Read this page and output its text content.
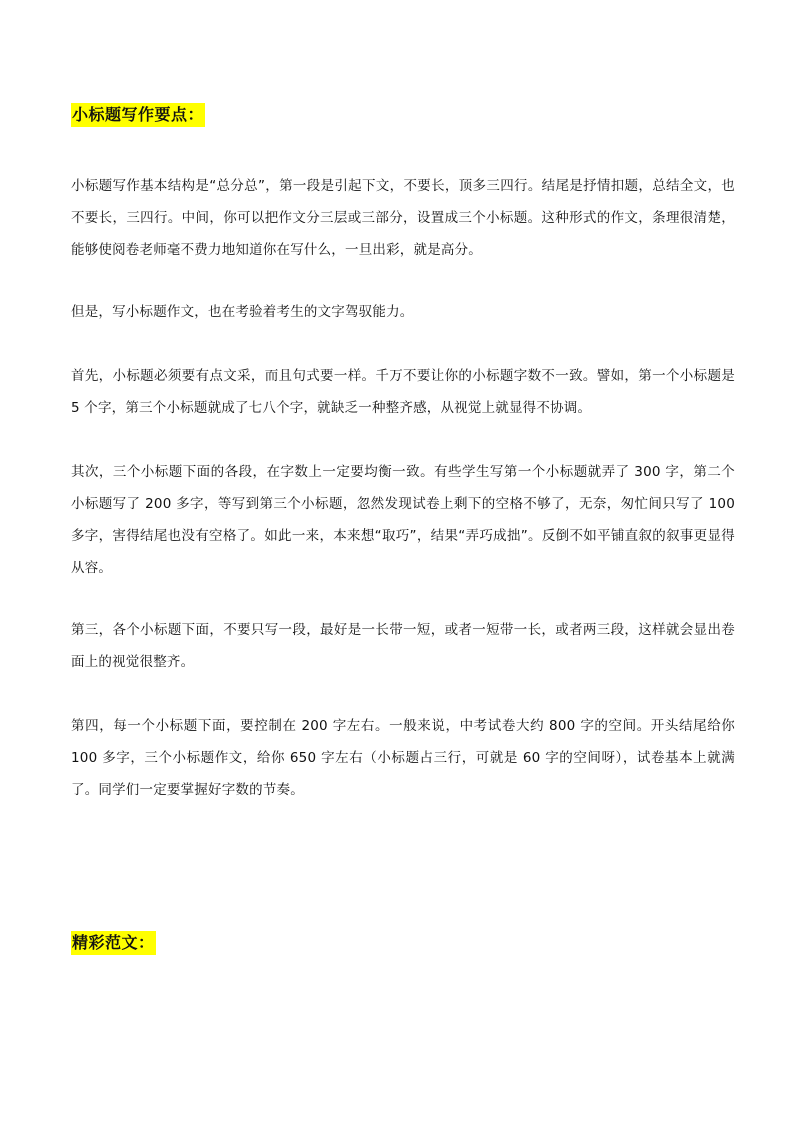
小标题写作要点：

小标题写作基本结构是“总分总”，第一段是引起下文，不要长，顶多三四行。结尾是抒情扣题，总结全文，也不要长，三四行。中间，你可以把作文分三层或三部分，设置成三个小标题。这种形式的作文，条理很清楚，能够使阅卷老师毫不费力地知道你在写什么，一旦出彩，就是高分。

但是，写小标题作文，也在考验着考生的文字驾驭能力。

首先，小标题必须要有点文采，而且句式要一样。千万不要让你的小标题字数不一致。譬如，第一个小标题是 5 个字，第三个小标题就成了七八个字，就缺乏一种整齐感，从视觉上就显得不协调。

其次，三个小标题下面的各段，在字数上一定要均衡一致。有些学生写第一个小标题就弄了 300 字，第二个小标题写了 200 多字，等写到第三个小标题，忽然发现试卷上剩下的空格不够了，无奈，匆忙间只写了 100 多字，害得结尾也没有空格了。如此一来，本来想“取巧”，结果“弄巧成拙”。反倒不如平铺直叙的叙事更显得从容。

第三，各个小标题下面，不要只写一段，最好是一长带一短，或者一短带一长，或者两三段，这样就会显出卷面上的视觉很整齐。

第四，每一个小标题下面，要控制在 200 字左右。一般来说，中考试卷大约 800 字的空间。开头结尾给你 100 多字，三个小标题作文，给你 650 字左右（小标题占三行，可就是 60 字的空间呀），试卷基本上就满了。同学们一定要掌握好字数的节奏。

精彩范文：
